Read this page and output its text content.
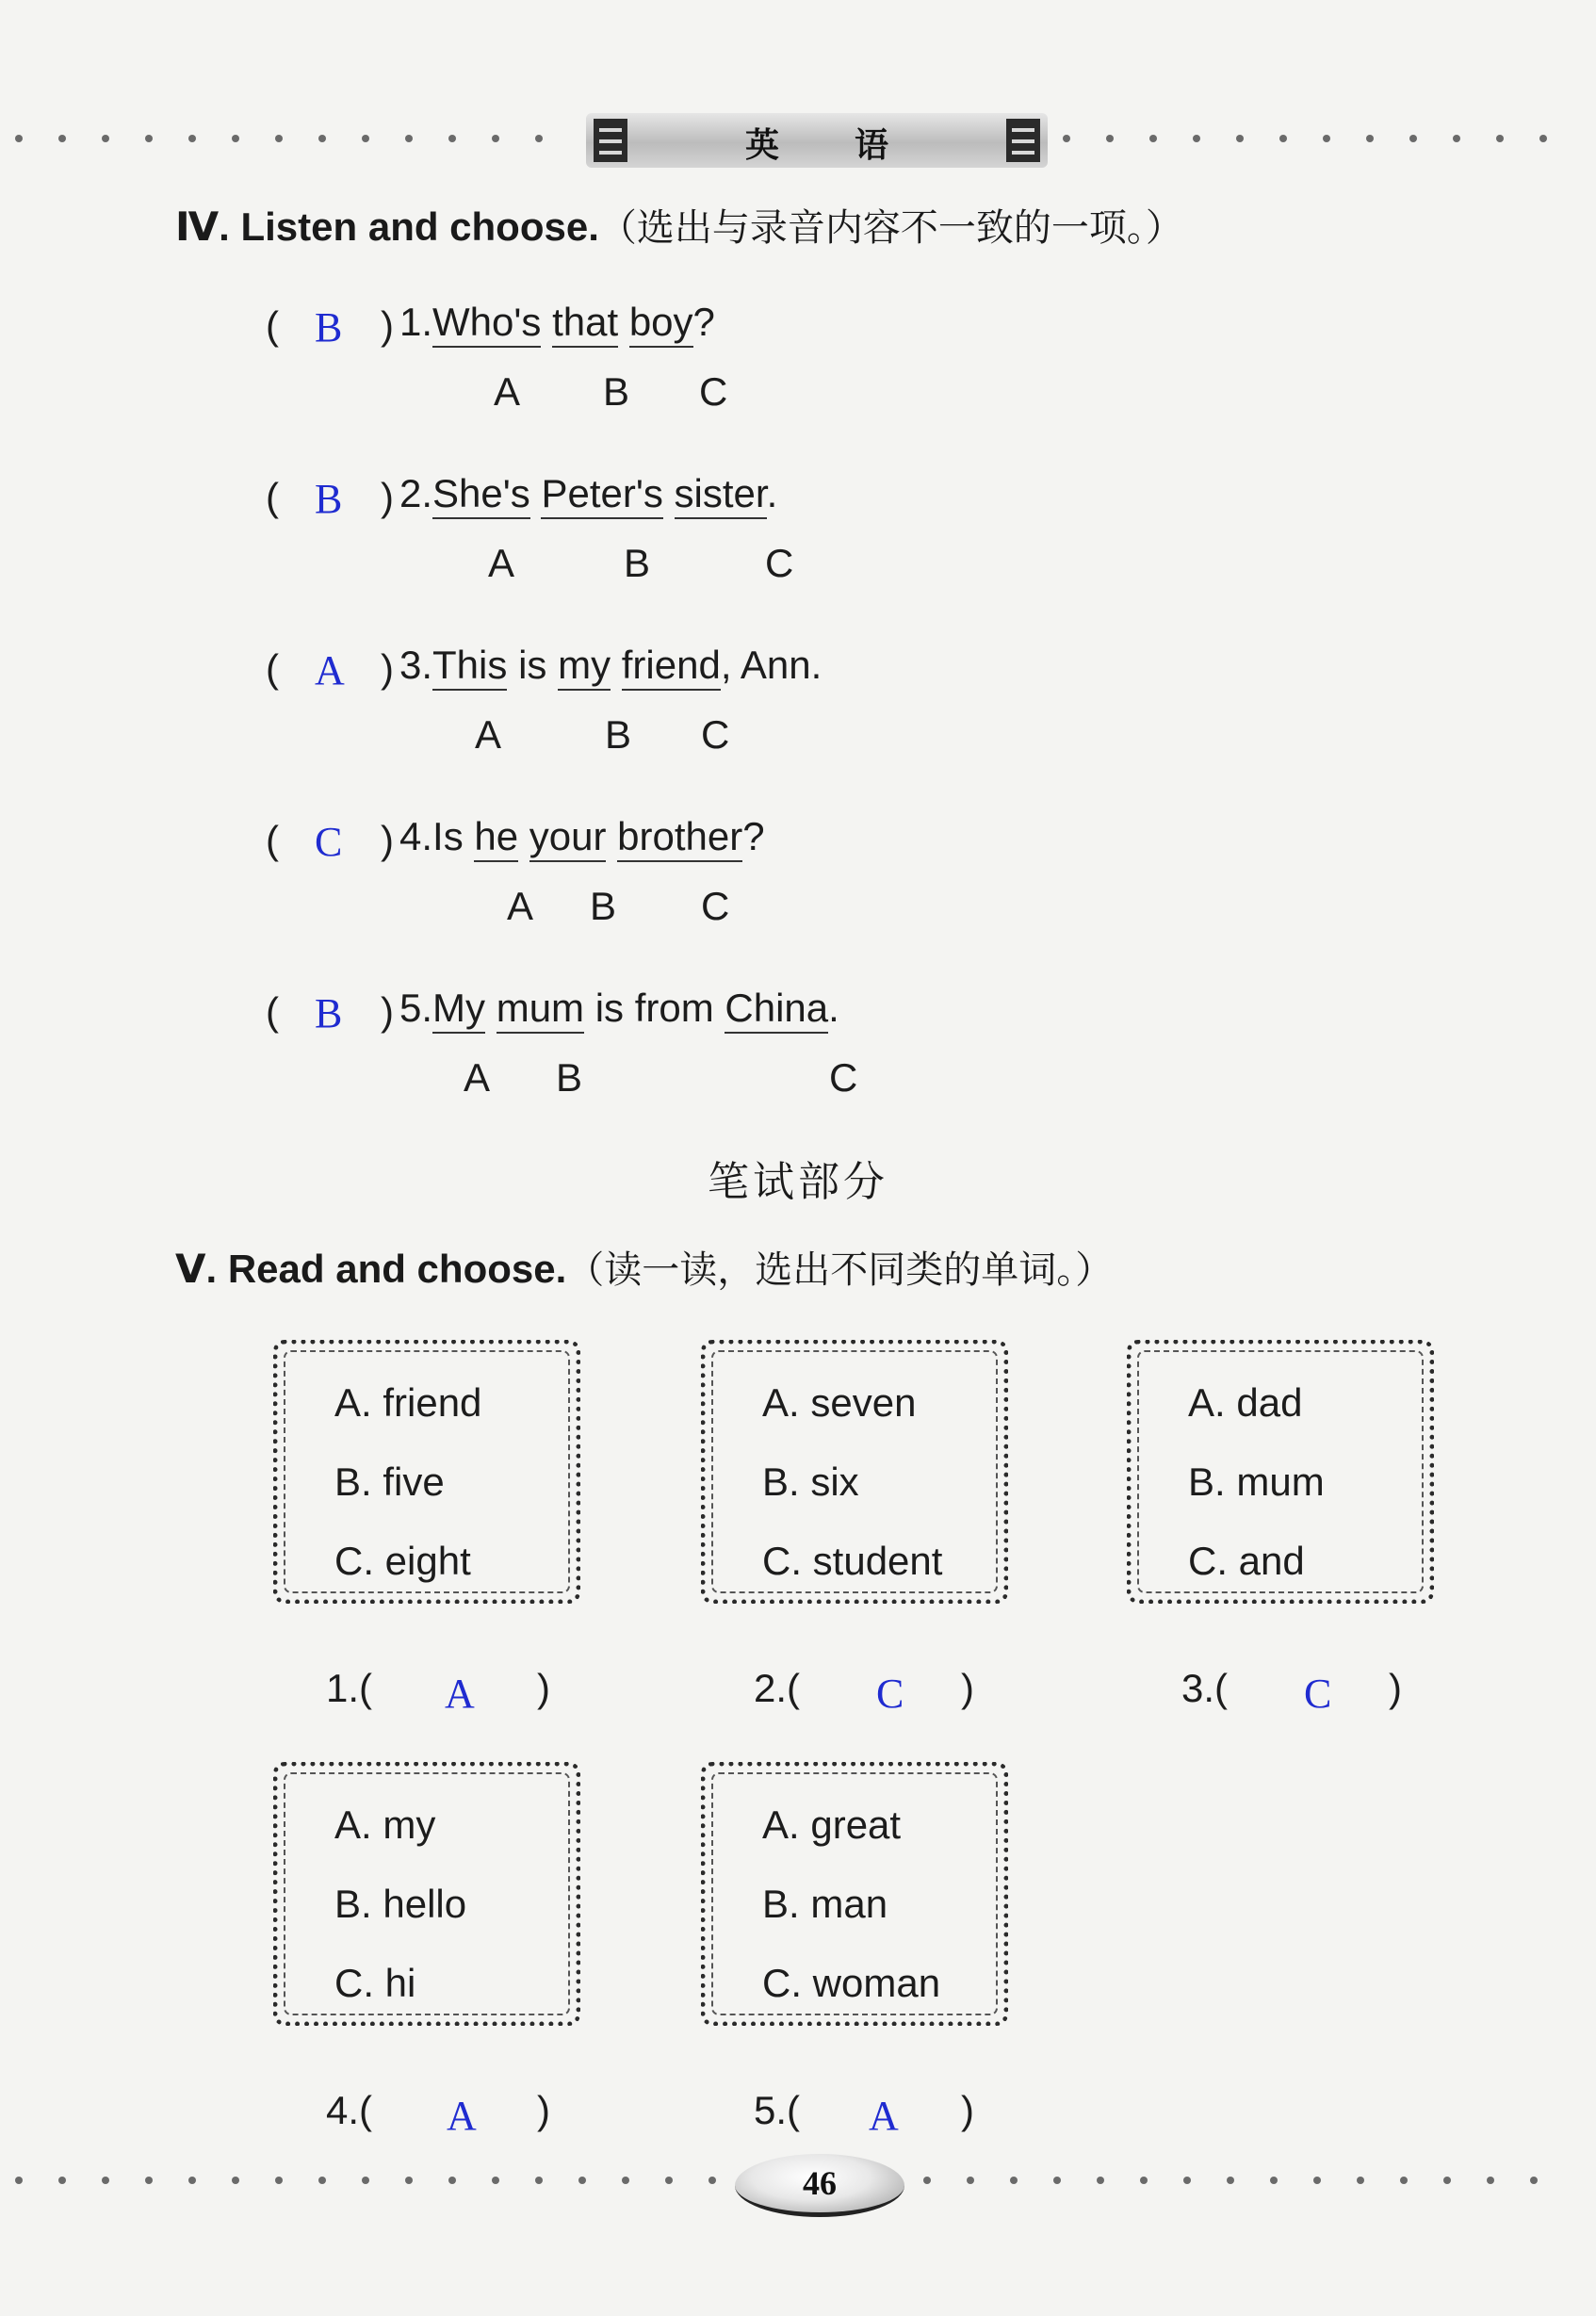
英语
Ⅳ. Listen and choose.（选出与录音内容不一致的一项。）
( B ) 1.Who's that boy?
A B C
( B ) 2.She's Peter's sister.
A	B	C
( A ) 3.This is my friend, Ann.
A	B C
( C ) 4.Is he your brother?
A B C
( B ) 5.My mum is from China.
A B	C
笔试部分
Ⅴ. Read and choose.（读一读，选出不同类的单词。）
A. friend
B. five
C. eight
A. seven
B. six
C. student
A. dad
B. mum
C. and
1.( A )	2.( C )	3.( C )
A. my
B. hello
C. hi
A. great
B. man
C. woman
4.( A )	5.( A )
46
